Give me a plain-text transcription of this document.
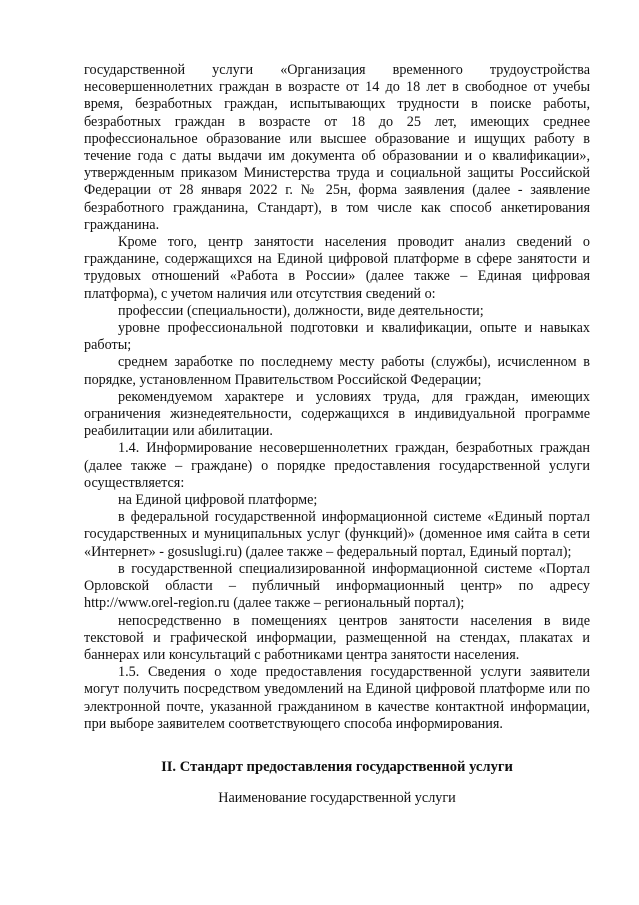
государственной услуги «Организация временного трудоустройства несовершеннолетних граждан в возрасте от 14 до 18 лет в свободное от учебы время, безработных граждан, испытывающих трудности в поиске работы, безработных граждан в возрасте от 18 до 25 лет, имеющих среднее профессиональное образование или высшее образование и ищущих работу в течение года с даты выдачи им документа об образовании и о квалификации», утвержденным приказом Министерства труда и социальной защиты Российской Федерации от 28 января 2022 г. № 25н, форма заявления (далее - заявление безработного гражданина, Стандарт), в том числе как способ анкетирования гражданина.

Кроме того, центр занятости населения проводит анализ сведений о гражданине, содержащихся на Единой цифровой платформе в сфере занятости и трудовых отношений «Работа в России» (далее также – Единая цифровая платформа), с учетом наличия или отсутствия сведений о:

профессии (специальности), должности, виде деятельности;

уровне профессиональной подготовки и квалификации, опыте и навыках работы;

среднем заработке по последнему месту работы (службы), исчисленном в порядке, установленном Правительством Российской Федерации;

рекомендуемом характере и условиях труда, для граждан, имеющих ограничения жизнедеятельности, содержащихся в индивидуальной программе реабилитации или абилитации.

1.4. Информирование несовершеннолетних граждан, безработных граждан (далее также – граждане) о порядке предоставления государственной услуги осуществляется:

на Единой цифровой платформе;

в федеральной государственной информационной системе «Единый портал государственных и муниципальных услуг (функций)» (доменное имя сайта в сети «Интернет» - gosuslugi.ru) (далее также – федеральный портал, Единый портал);

в государственной специализированной информационной системе «Портал Орловской области – публичный информационный центр» по адресу http://www.orel-region.ru (далее также – региональный портал);

непосредственно в помещениях центров занятости населения в виде текстовой и графической информации, размещенной на стендах, плакатах и баннерах или консультаций с работниками центра занятости населения.

1.5. Сведения о ходе предоставления государственной услуги заявители могут получить посредством уведомлений на Единой цифровой платформе или по электронной почте, указанной гражданином в качестве контактной информации, при выборе заявителем соответствующего способа информирования.

II. Стандарт предоставления государственной услуги

Наименование государственной услуги
